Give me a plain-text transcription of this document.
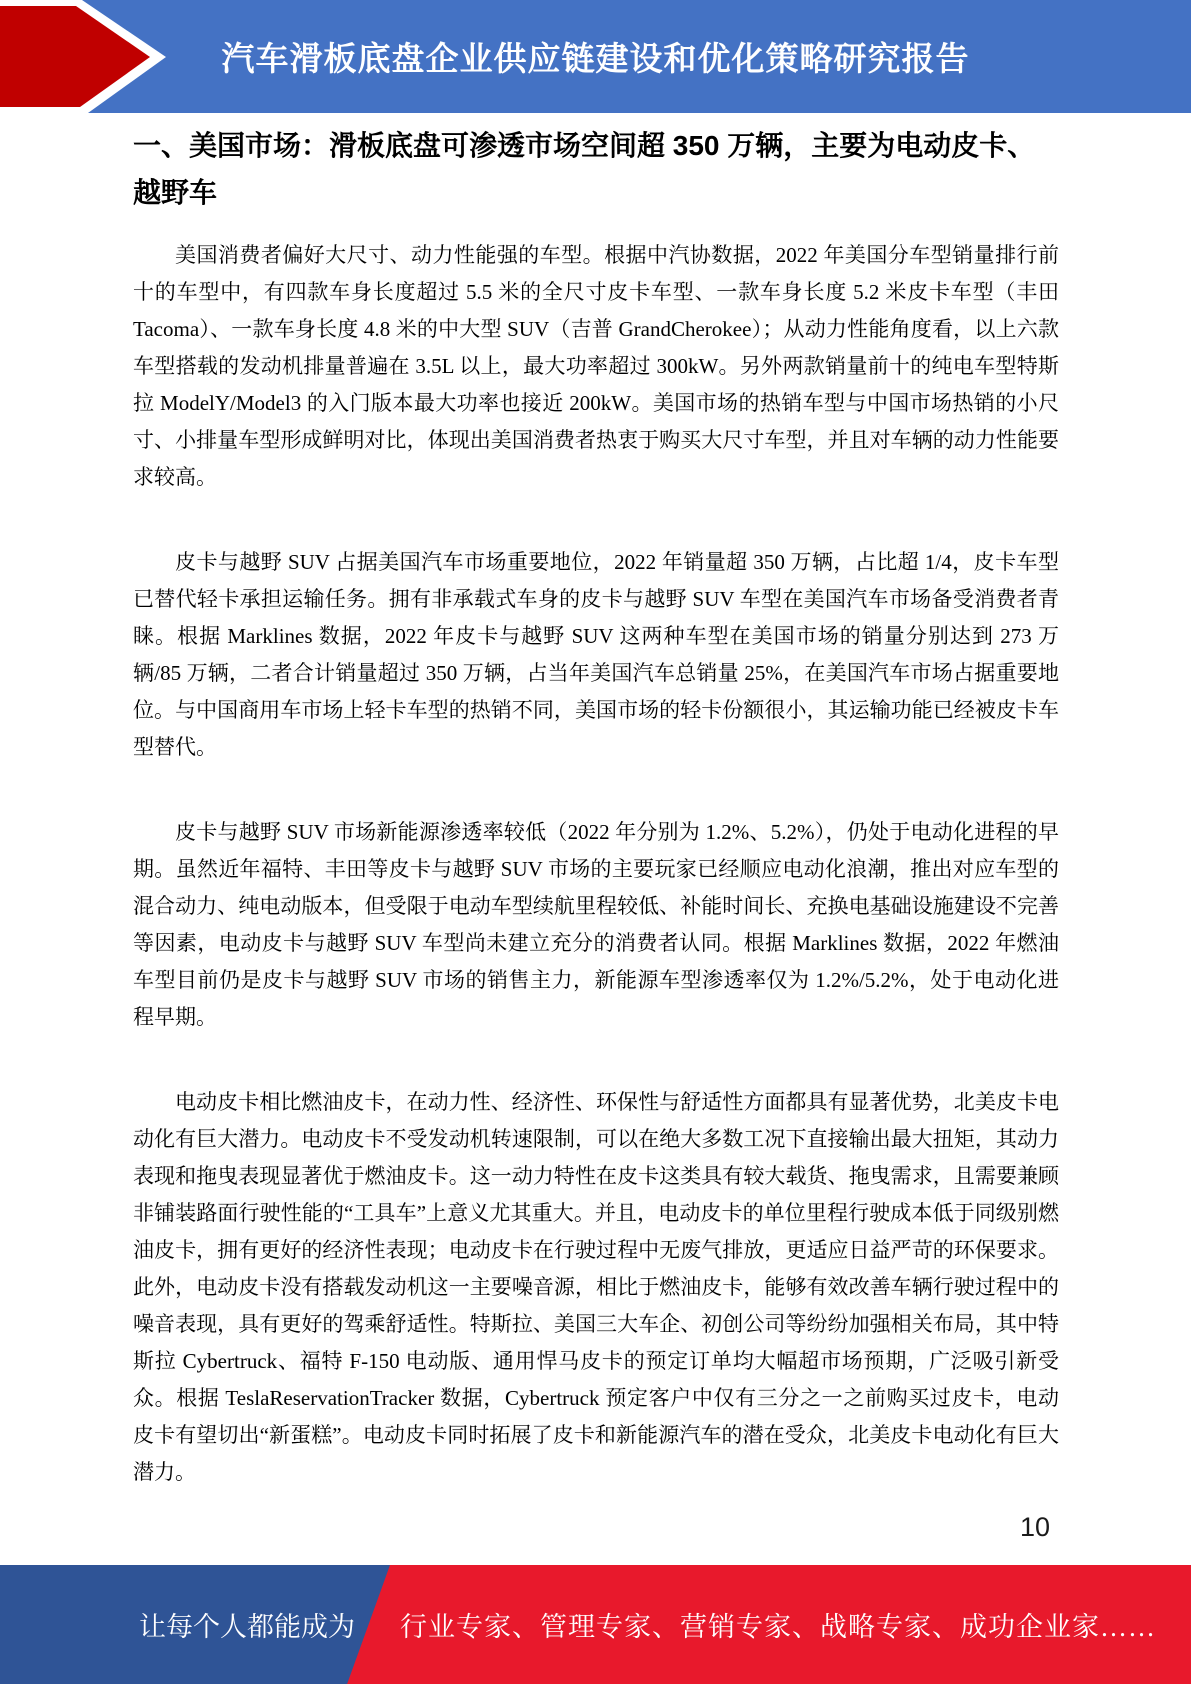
汽车滑板底盘企业供应链建设和优化策略研究报告
一、美国市场：滑板底盘可渗透市场空间超 350 万辆，主要为电动皮卡、越野车

美国消费者偏好大尺寸、动力性能强的车型。根据中汽协数据，2022 年美国分车型销量排行前十的车型中，有四款车身长度超过 5.5 米的全尺寸皮卡车型、一款车身长度 5.2 米皮卡车型（丰田 Tacoma）、一款车身长度 4.8 米的中大型 SUV（吉普 GrandCherokee）；从动力性能角度看，以上六款车型搭载的发动机排量普遍在 3.5L 以上，最大功率超过 300kW。另外两款销量前十的纯电车型特斯拉 ModelY/Model3 的入门版本最大功率也接近 200kW。美国市场的热销车型与中国市场热销的小尺寸、小排量车型形成鲜明对比，体现出美国消费者热衷于购买大尺寸车型，并且对车辆的动力性能要求较高。

皮卡与越野 SUV 占据美国汽车市场重要地位，2022 年销量超 350 万辆，占比超 1/4，皮卡车型已替代轻卡承担运输任务。拥有非承载式车身的皮卡与越野 SUV 车型在美国汽车市场备受消费者青睐。根据 Marklines 数据，2022 年皮卡与越野 SUV 这两种车型在美国市场的销量分别达到 273 万辆/85 万辆，二者合计销量超过 350 万辆，占当年美国汽车总销量 25%，在美国汽车市场占据重要地位。与中国商用车市场上轻卡车型的热销不同，美国市场的轻卡份额很小，其运输功能已经被皮卡车型替代。

皮卡与越野 SUV 市场新能源渗透率较低（2022 年分别为 1.2%、5.2%），仍处于电动化进程的早期。虽然近年福特、丰田等皮卡与越野 SUV 市场的主要玩家已经顺应电动化浪潮，推出对应车型的混合动力、纯电动版本，但受限于电动车型续航里程较低、补能时间长、充换电基础设施建设不完善等因素，电动皮卡与越野 SUV 车型尚未建立充分的消费者认同。根据 Marklines 数据，2022 年燃油车型目前仍是皮卡与越野 SUV 市场的销售主力，新能源车型渗透率仅为 1.2%/5.2%，处于电动化进程早期。

电动皮卡相比燃油皮卡，在动力性、经济性、环保性与舒适性方面都具有显著优势，北美皮卡电动化有巨大潜力。电动皮卡不受发动机转速限制，可以在绝大多数工况下直接输出最大扭矩，其动力表现和拖曳表现显著优于燃油皮卡。这一动力特性在皮卡这类具有较大载货、拖曳需求，且需要兼顾非铺装路面行驶性能的“工具车”上意义尤其重大。并且，电动皮卡的单位里程行驶成本低于同级别燃油皮卡，拥有更好的经济性表现；电动皮卡在行驶过程中无废气排放，更适应日益严苛的环保要求。此外，电动皮卡没有搭载发动机这一主要噪音源，相比于燃油皮卡，能够有效改善车辆行驶过程中的噪音表现，具有更好的驾乘舒适性。特斯拉、美国三大车企、初创公司等纷纷加强相关布局，其中特斯拉 Cybertruck、福特 F-150 电动版、通用悍马皮卡的预定订单均大幅超市场预期，广泛吸引新受众。根据 TeslaReservationTracker 数据，Cybertruck 预定客户中仅有三分之一之前购买过皮卡，电动皮卡有望切出“新蛋糕”。电动皮卡同时拓展了皮卡和新能源汽车的潜在受众，北美皮卡电动化有巨大潜力。

10
让每个人都能成为 行业专家、管理专家、营销专家、战略专家、成功企业家……
